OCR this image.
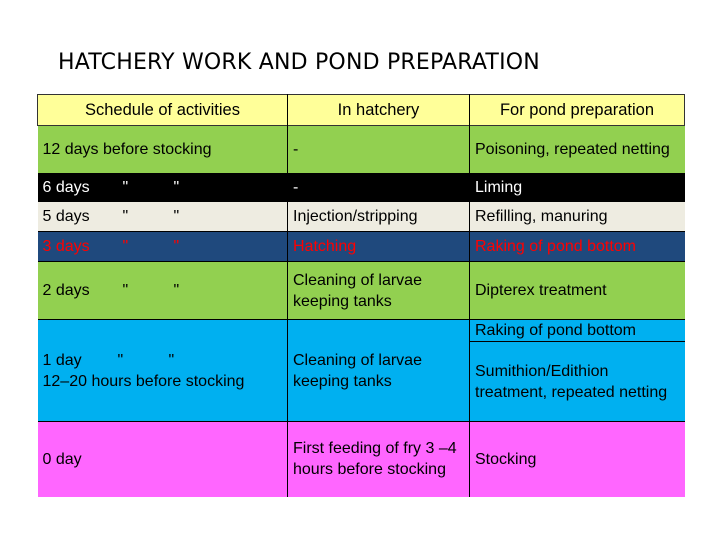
HATCHERY WORK AND POND PREPARATION
Schedule of activities	In hatchery	For pond preparation
12 days before stocking	-	Poisoning, repeated netting

6 days " "	-	Liming

5 days " "	Injection/stripping	Refilling, manuring

3 days " "	Hatching	Raking of pond bottom

2 days " "	Cleaning of larvae keeping tanks	Dipterex treatment

1 day " "
12–20 hours before stocking	Cleaning of larvae keeping tanks	Raking of pond bottom
		Sumithion/Edithion treatment, repeated netting
0 day	First feeding of fry 3 –4 hours before stocking	Stocking
